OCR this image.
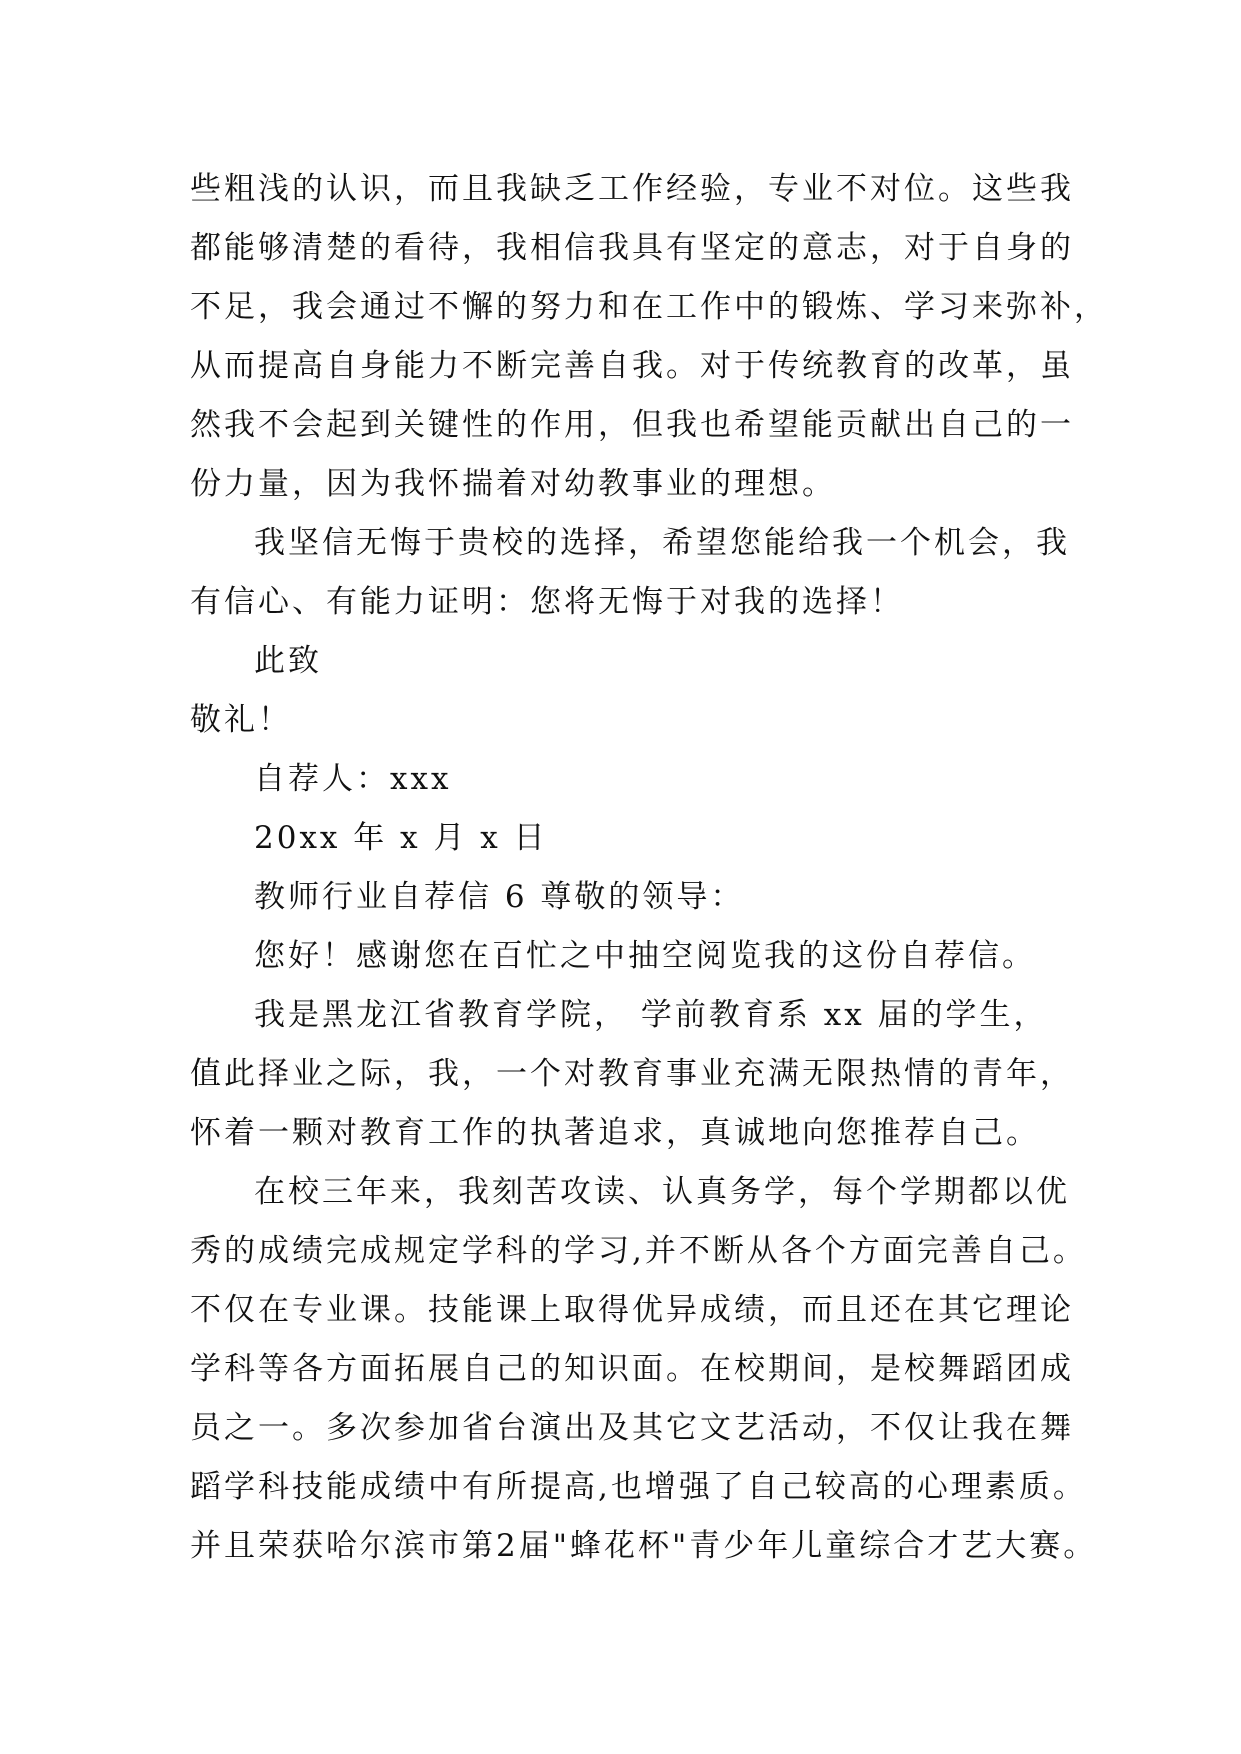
些粗浅的认识，而且我缺乏工作经验，专业不对位。这些我
都能够清楚的看待，我相信我具有坚定的意志，对于自身的
不足，我会通过不懈的努力和在工作中的锻炼、学习来弥补，
从而提高自身能力不断完善自我。对于传统教育的改革，虽
然我不会起到关键性的作用，但我也希望能贡献出自己的一
份力量，因为我怀揣着对幼教事业的理想。
我坚信无悔于贵校的选择，希望您能给我一个机会，我
有信心、有能力证明：您将无悔于对我的选择！
此致
敬礼！
自荐人：xxx
20xx 年 x 月 x 日
教师行业自荐信 6 尊敬的领导：
您好！感谢您在百忙之中抽空阅览我的这份自荐信。
我是黑龙江省教育学院， 学前教育系 xx 届的学生，
值此择业之际，我，一个对教育事业充满无限热情的青年，
怀着一颗对教育工作的执著追求，真诚地向您推荐自己。
在校三年来，我刻苦攻读、认真务学，每个学期都以优
秀的成绩完成规定学科的学习,并不断从各个方面完善自己。
不仅在专业课。技能课上取得优异成绩，而且还在其它理论
学科等各方面拓展自己的知识面。在校期间，是校舞蹈团成
员之一。多次参加省台演出及其它文艺活动，不仅让我在舞
蹈学科技能成绩中有所提高,也增强了自己较高的心理素质。
并且荣获哈尔滨市第2届"蜂花杯"青少年儿童综合才艺大赛。
